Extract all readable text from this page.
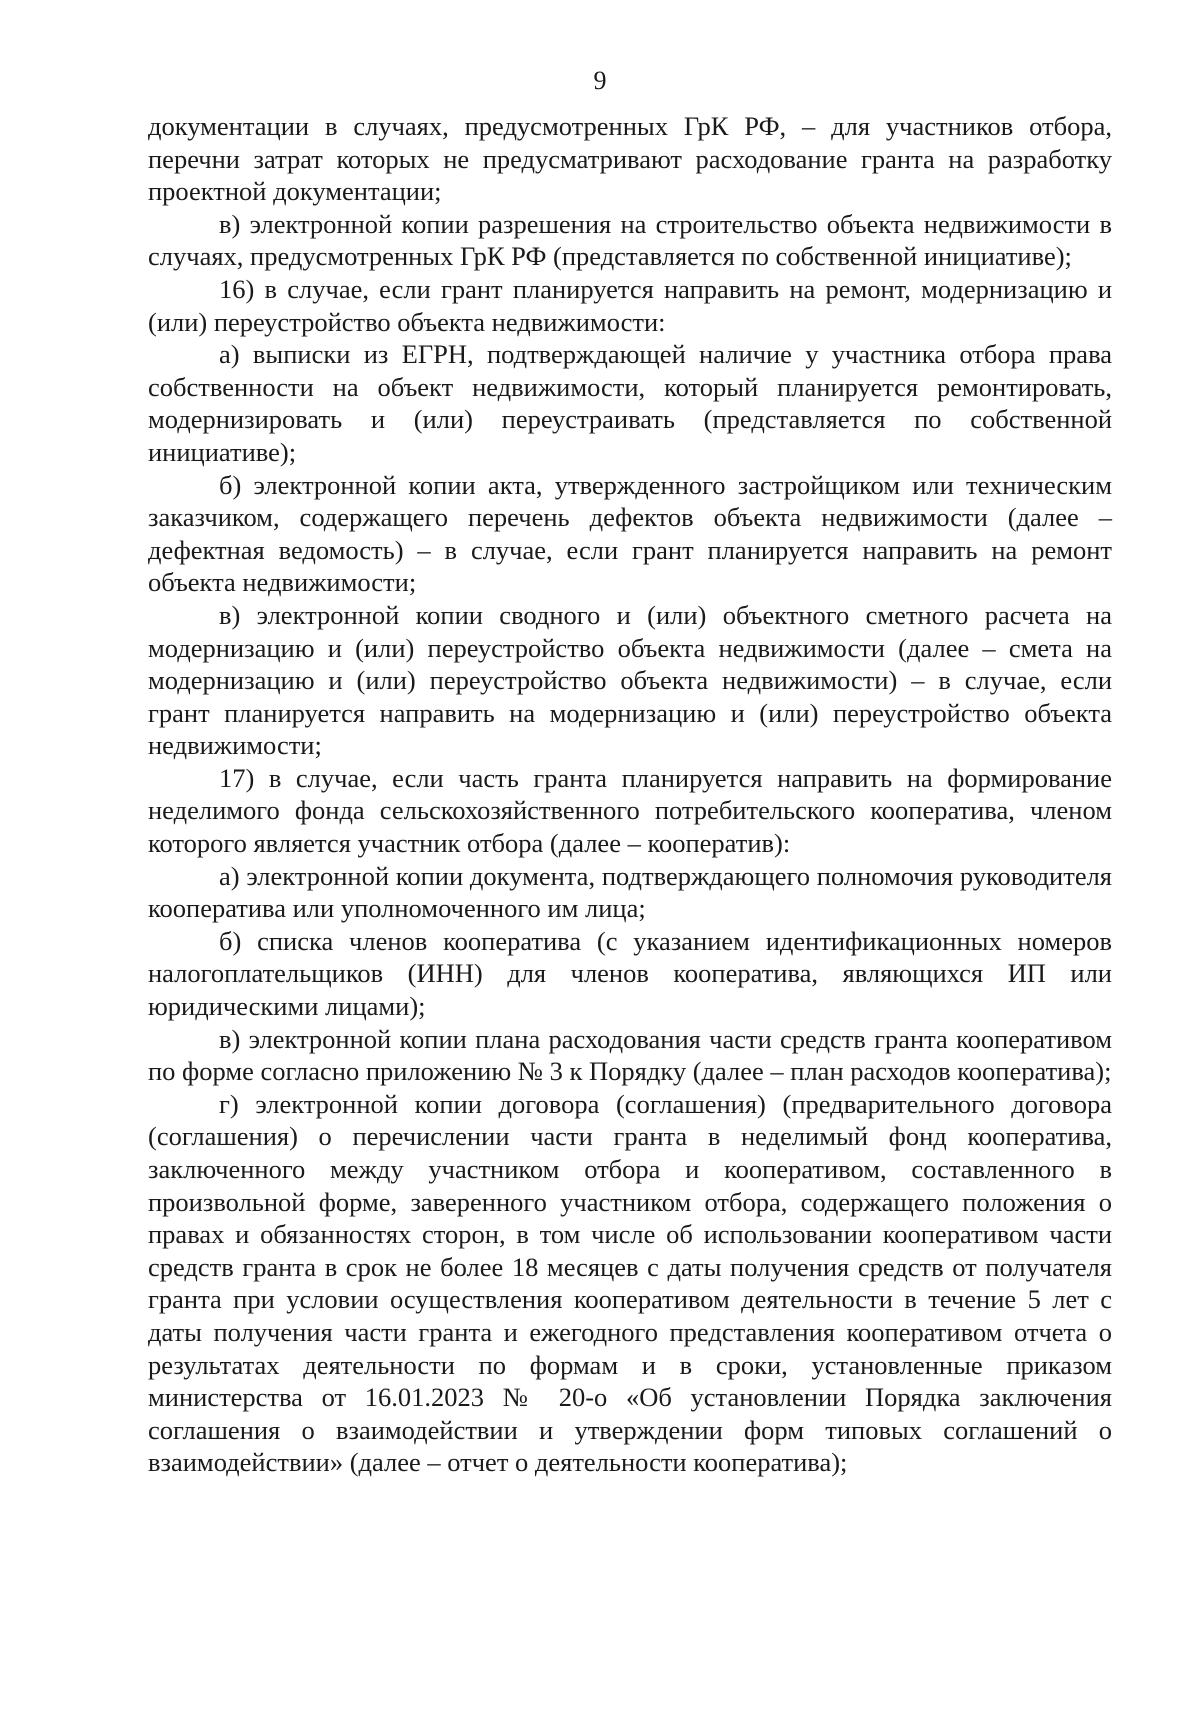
9

документации в случаях, предусмотренных ГрК РФ, – для участников отбора, перечни затрат которых не предусматривают расходование гранта на разработку проектной документации;

в) электронной копии разрешения на строительство объекта недвижимости в случаях, предусмотренных ГрК РФ (представляется по собственной инициативе);

16) в случае, если грант планируется направить на ремонт, модернизацию и (или) переустройство объекта недвижимости:

а) выписки из ЕГРН, подтверждающей наличие у участника отбора права собственности на объект недвижимости, который планируется ремонтировать, модернизировать и (или) переустраивать (представляется по собственной инициативе);

б) электронной копии акта, утвержденного застройщиком или техническим заказчиком, содержащего перечень дефектов объекта недвижимости (далее – дефектная ведомость) – в случае, если грант планируется направить на ремонт объекта недвижимости;

в) электронной копии сводного и (или) объектного сметного расчета на модернизацию и (или) переустройство объекта недвижимости (далее – смета на модернизацию и (или) переустройство объекта недвижимости) – в случае, если грант планируется направить на модернизацию и (или) переустройство объекта недвижимости;

17) в случае, если часть гранта планируется направить на формирование неделимого фонда сельскохозяйственного потребительского кооператива, членом которого является участник отбора (далее – кооператив):

а) электронной копии документа, подтверждающего полномочия руководителя кооператива или уполномоченного им лица;

б) списка членов кооператива (с указанием идентификационных номеров налогоплательщиков (ИНН) для членов кооператива, являющихся ИП или юридическими лицами);

в) электронной копии плана расходования части средств гранта кооперативом по форме согласно приложению № 3 к Порядку (далее – план расходов кооператива);

г) электронной копии договора (соглашения) (предварительного договора (соглашения) о перечислении части гранта в неделимый фонд кооператива, заключенного между участником отбора и кооперативом, составленного в произвольной форме, заверенного участником отбора, содержащего положения о правах и обязанностях сторон, в том числе об использовании кооперативом части средств гранта в срок не более 18 месяцев с даты получения средств от получателя гранта при условии осуществления кооперативом деятельности в течение 5 лет с даты получения части гранта и ежегодного представления кооперативом отчета о результатах деятельности по формам и в сроки, установленные приказом министерства от 16.01.2023 № 20-о «Об установлении Порядка заключения соглашения о взаимодействии и утверждении форм типовых соглашений о взаимодействии» (далее – отчет о деятельности кооператива);
